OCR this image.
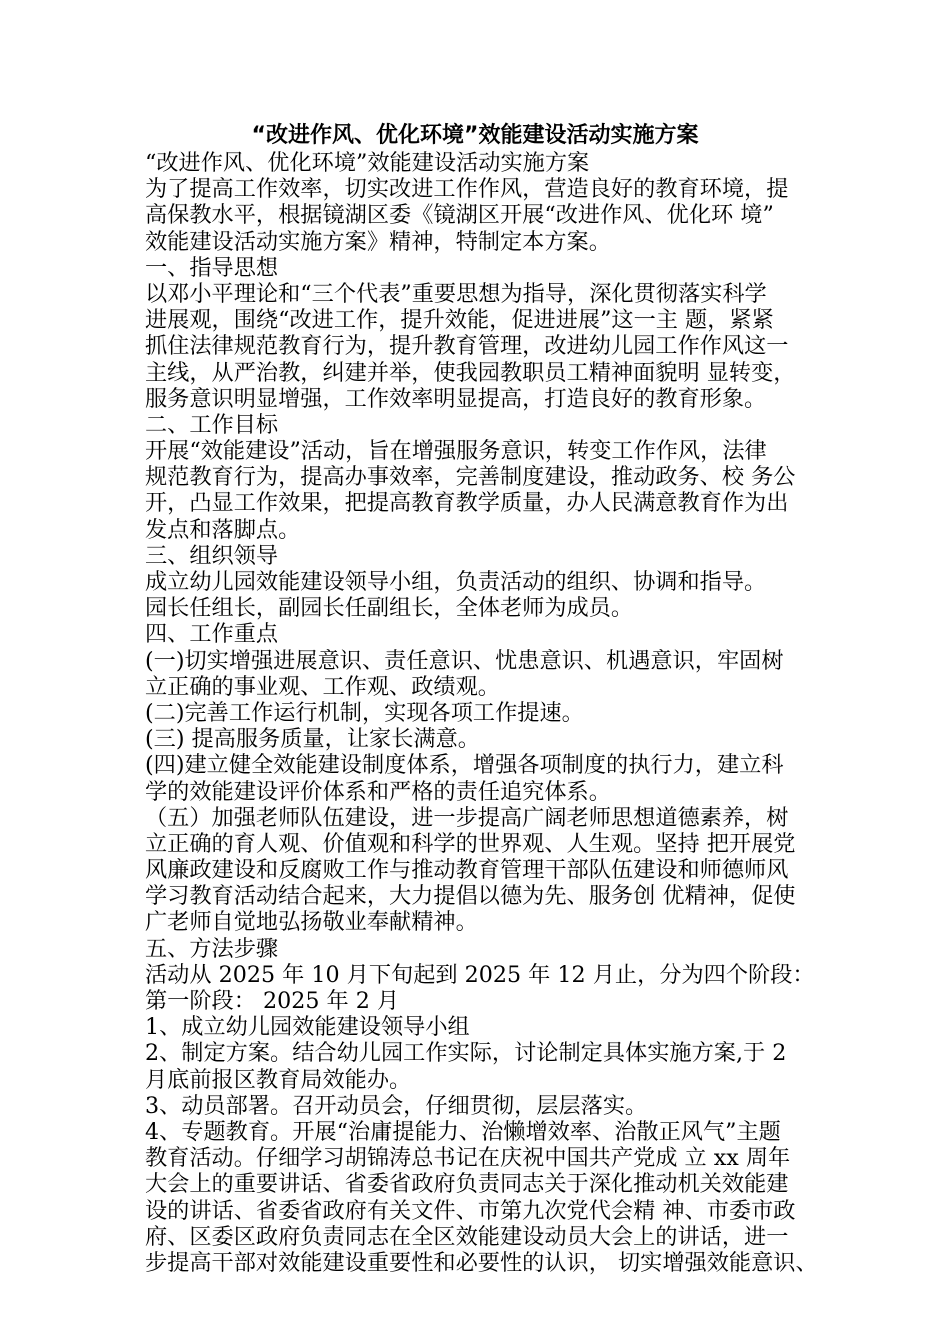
“改进作风、优化环境”效能建设活动实施方案
“改进作风、优化环境”效能建设活动实施方案
为了提高工作效率，切实改进工作作风，营造良好的教育环境，提
高保教水平，根据镜湖区委《镜湖区开展“改进作风、优化环 境”
效能建设活动实施方案》精神，特制定本方案。
一、指导思想
以邓小平理论和“三个代表”重要思想为指导，深化贯彻落实科学
进展观，围绕“改进工作，提升效能，促进进展”这一主 题，紧紧
抓住法律规范教育行为，提升教育管理，改进幼儿园工作作风这一
主线，从严治教，纠建并举，使我园教职员工精神面貌明 显转变，
服务意识明显增强，工作效率明显提高，打造良好的教育形象。
二、工作目标
开展“效能建设”活动，旨在增强服务意识，转变工作作风，法律
规范教育行为，提高办事效率，完善制度建设，推动政务、校 务公
开，凸显工作效果，把提高教育教学质量，办人民满意教育作为出
发点和落脚点。
三、组织领导
成立幼儿园效能建设领导小组，负责活动的组织、协调和指导。
园长任组长，副园长任副组长，全体老师为成员。
四、工作重点
(一)切实增强进展意识、责任意识、忧患意识、机遇意识，牢固树
立正确的事业观、工作观、政绩观。
(二)完善工作运行机制，实现各项工作提速。
(三) 提高服务质量，让家长满意。
(四)建立健全效能建设制度体系，增强各项制度的执行力，建立科
学的效能建设评价体系和严格的责任追究体系。
（五）加强老师队伍建设，进一步提高广阔老师思想道德素养，树
立正确的育人观、价值观和科学的世界观、人生观。坚持 把开展党
风廉政建设和反腐败工作与推动教育管理干部队伍建设和师德师风
学习教育活动结合起来，大力提倡以德为先、服务创 优精神，促使
广老师自觉地弘扬敬业奉献精神。
五、方法步骤
活动从 2025 年 10 月下旬起到 2025 年 12 月止，分为四个阶段：
第一阶段： 2025 年 2 月
1、成立幼儿园效能建设领导小组
2、制定方案。结合幼儿园工作实际，讨论制定具体实施方案,于 2
月底前报区教育局效能办。
3、动员部署。召开动员会，仔细贯彻，层层落实。
4、专题教育。开展“治庸提能力、治懒增效率、治散正风气”主题
教育活动。仔细学习胡锦涛总书记在庆祝中国共产党成 立 xx 周年
大会上的重要讲话、省委省政府负责同志关于深化推动机关效能建
设的讲话、省委省政府有关文件、市第九次党代会精 神、市委市政
府、区委区政府负责同志在全区效能建设动员大会上的讲话，进一
步提高干部对效能建设重要性和必要性的认识， 切实增强效能意识、
